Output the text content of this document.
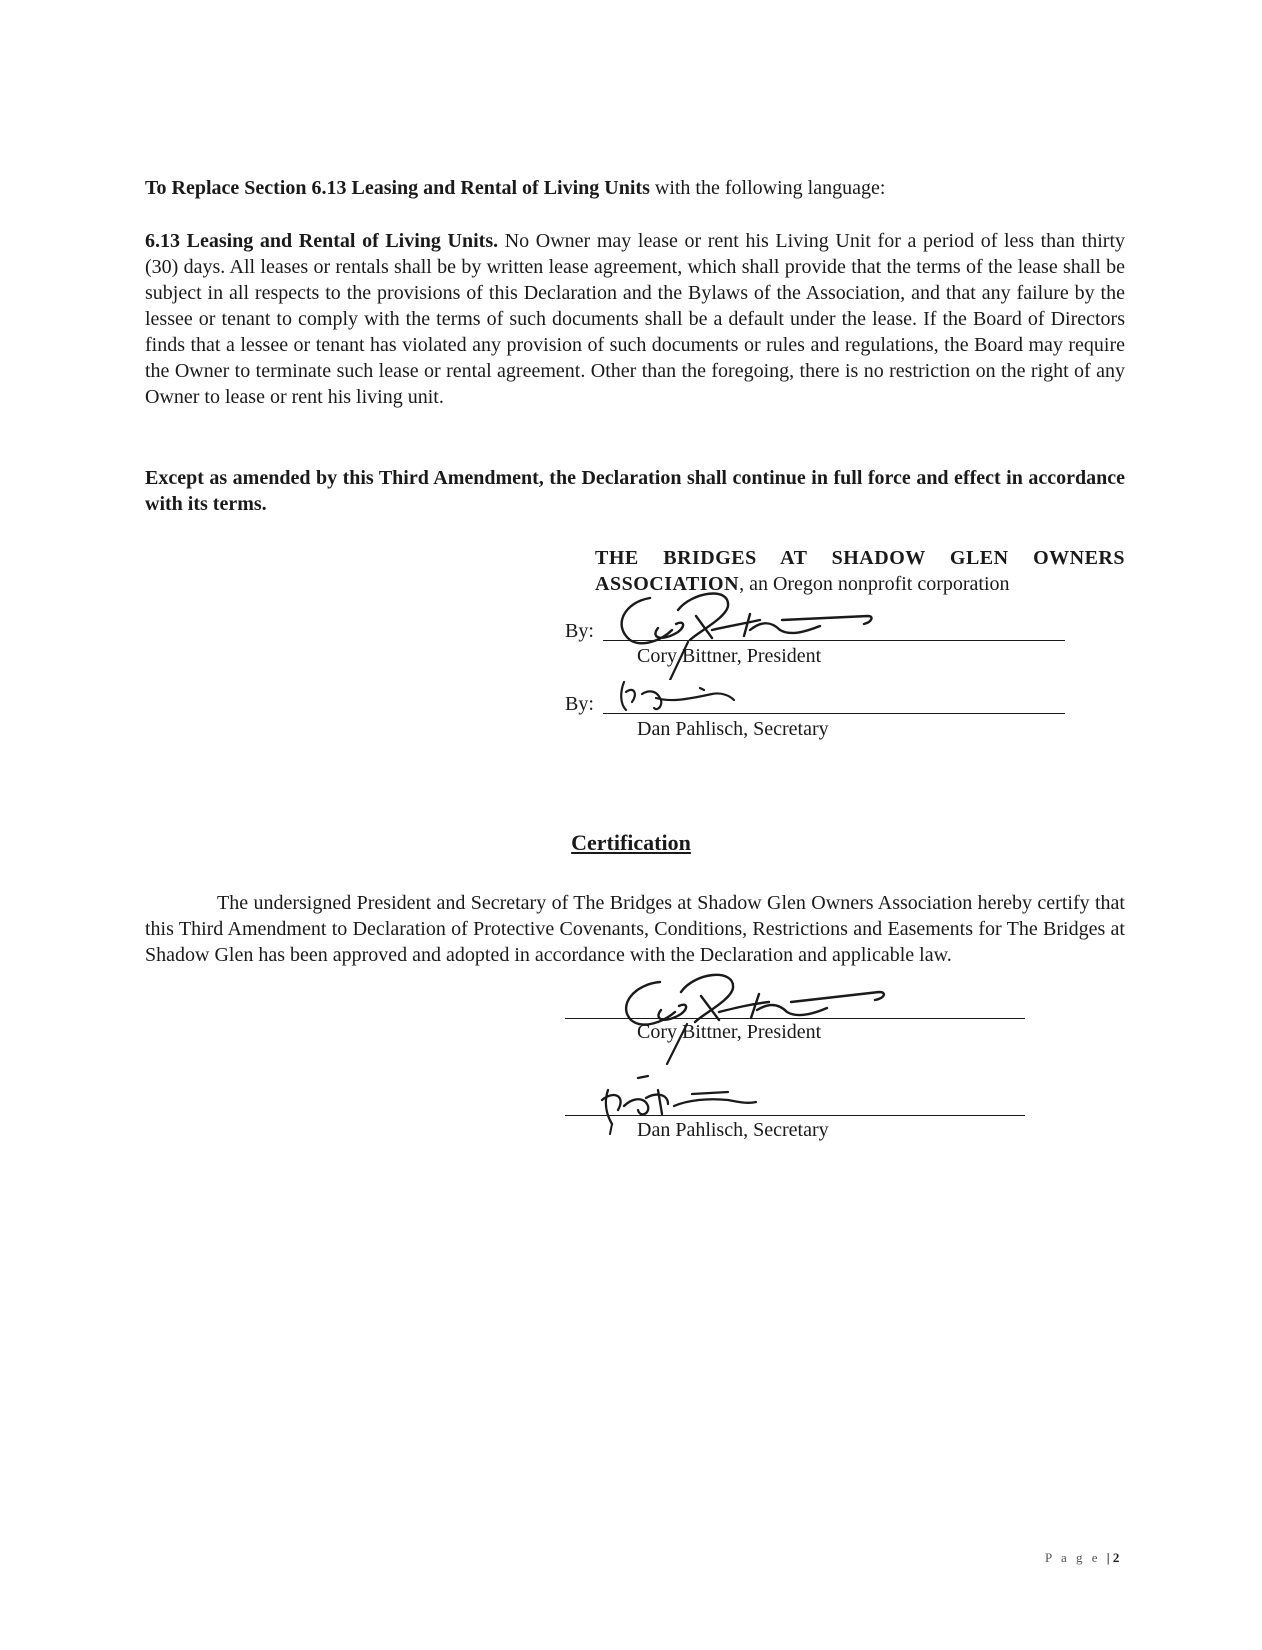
To Replace Section 6.13 Leasing and Rental of Living Units with the following language:
6.13 Leasing and Rental of Living Units. No Owner may lease or rent his Living Unit for a period of less than thirty (30) days. All leases or rentals shall be by written lease agreement, which shall provide that the terms of the lease shall be subject in all respects to the provisions of this Declaration and the Bylaws of the Association, and that any failure by the lessee or tenant to comply with the terms of such documents shall be a default under the lease. If the Board of Directors finds that a lessee or tenant has violated any provision of such documents or rules and regulations, the Board may require the Owner to terminate such lease or rental agreement. Other than the foregoing, there is no restriction on the right of any Owner to lease or rent his living unit.
Except as amended by this Third Amendment, the Declaration shall continue in full force and effect in accordance with its terms.
THE BRIDGES AT SHADOW GLEN OWNERS
ASSOCIATION, an Oregon nonprofit corporation
By:
Cory Bittner, President
By:
Dan Pahlisch, Secretary
Certification
The undersigned President and Secretary of The Bridges at Shadow Glen Owners Association hereby certify that this Third Amendment to Declaration of Protective Covenants, Conditions, Restrictions and Easements for The Bridges at Shadow Glen has been approved and adopted in accordance with the Declaration and applicable law.
Cory Bittner, President
Dan Pahlisch, Secretary
P a g e | 2
